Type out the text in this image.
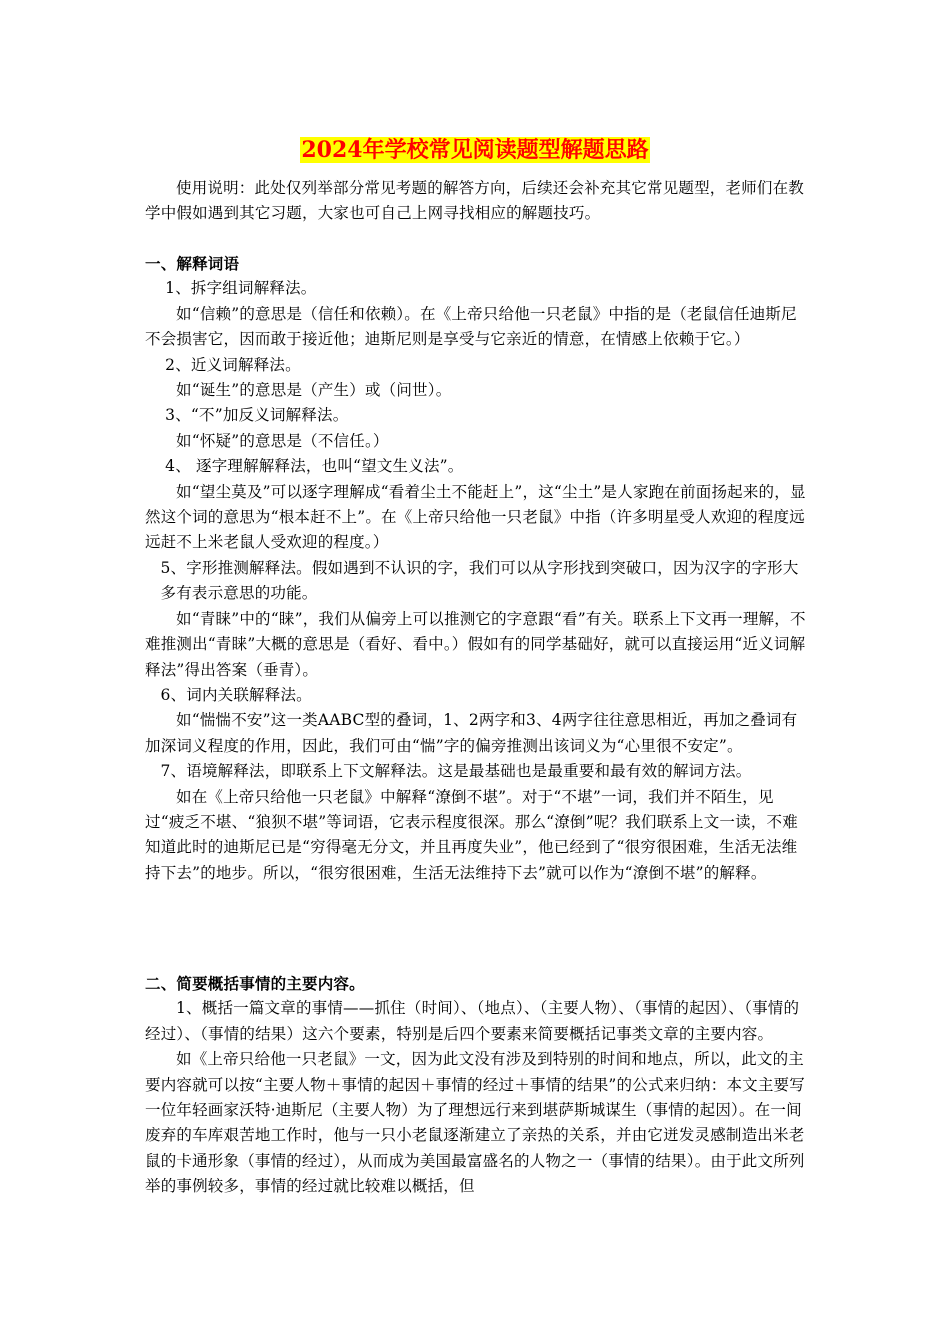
2024年学校常见阅读题型解题思路

使用说明：此处仅列举部分常见考题的解答方向，后续还会补充其它常见题型，老师们在教学中假如遇到其它习题，大家也可自己上网寻找相应的解题技巧。

一、解释词语

1、拆字组词解释法。

如“信赖”的意思是（信任和依赖）。在《上帝只给他一只老鼠》中指的是（老鼠信任迪斯尼不会损害它，因而敢于接近他；迪斯尼则是享受与它亲近的情意，在情感上依赖于它。）

2、近义词解释法。

如“诞生”的意思是（产生）或（问世）。

3、“不”加反义词解释法。

如“怀疑”的意思是（不信任。）

4、 逐字理解解释法，也叫“望文生义法”。

如“望尘莫及”可以逐字理解成“看着尘土不能赶上”，这“尘土”是人家跑在前面扬起来的，显然这个词的意思为“根本赶不上”。在《上帝只给他一只老鼠》中指（许多明星受人欢迎的程度远远赶不上米老鼠人受欢迎的程度。）

5、字形推测解释法。假如遇到不认识的字，我们可以从字形找到突破口，因为汉字的字形大多有表示意思的功能。

如“青睐”中的“睐”，我们从偏旁上可以推测它的字意跟“看”有关。联系上下文再一理解，不难推测出“青睐”大概的意思是（看好、看中。）假如有的同学基础好，就可以直接运用“近义词解释法”得出答案（垂青）。

6、词内关联解释法。

如“惴惴不安”这一类AABC型的叠词，1、2两字和3、4两字往往意思相近，再加之叠词有加深词义程度的作用，因此，我们可由“惴”字的偏旁推测出该词义为“心里很不安定”。

7、语境解释法，即联系上下文解释法。这是最基础也是最重要和最有效的解词方法。

如在《上帝只给他一只老鼠》中解释“潦倒不堪”。对于“不堪”一词，我们并不陌生，见过“疲乏不堪、“狼狈不堪”等词语，它表示程度很深。那么“潦倒”呢？我们联系上文一读，不难知道此时的迪斯尼已是“穷得毫无分文，并且再度失业”，他已经到了“很穷很困难，生活无法维持下去”的地步。所以，“很穷很困难，生活无法维持下去”就可以作为“潦倒不堪”的解释。

二、简要概括事情的主要内容。

1、概括一篇文章的事情——抓住（时间）、（地点）、（主要人物）、（事情的起因）、（事情的经过）、（事情的结果）这六个要素，特别是后四个要素来简要概括记事类文章的主要内容。

如《上帝只给他一只老鼠》一文，因为此文没有涉及到特别的时间和地点，所以，此文的主要内容就可以按“主要人物＋事情的起因＋事情的经过＋事情的结果”的公式来归纳：本文主要写一位年轻画家沃特·迪斯尼（主要人物）为了理想远行来到堪萨斯城谋生（事情的起因）。在一间废弃的车库艰苦地工作时，他与一只小老鼠逐渐建立了亲热的关系，并由它迸发灵感制造出米老鼠的卡通形象（事情的经过），从而成为美国最富盛名的人物之一（事情的结果）。由于此文所列举的事例较多，事情的经过就比较难以概括，但
